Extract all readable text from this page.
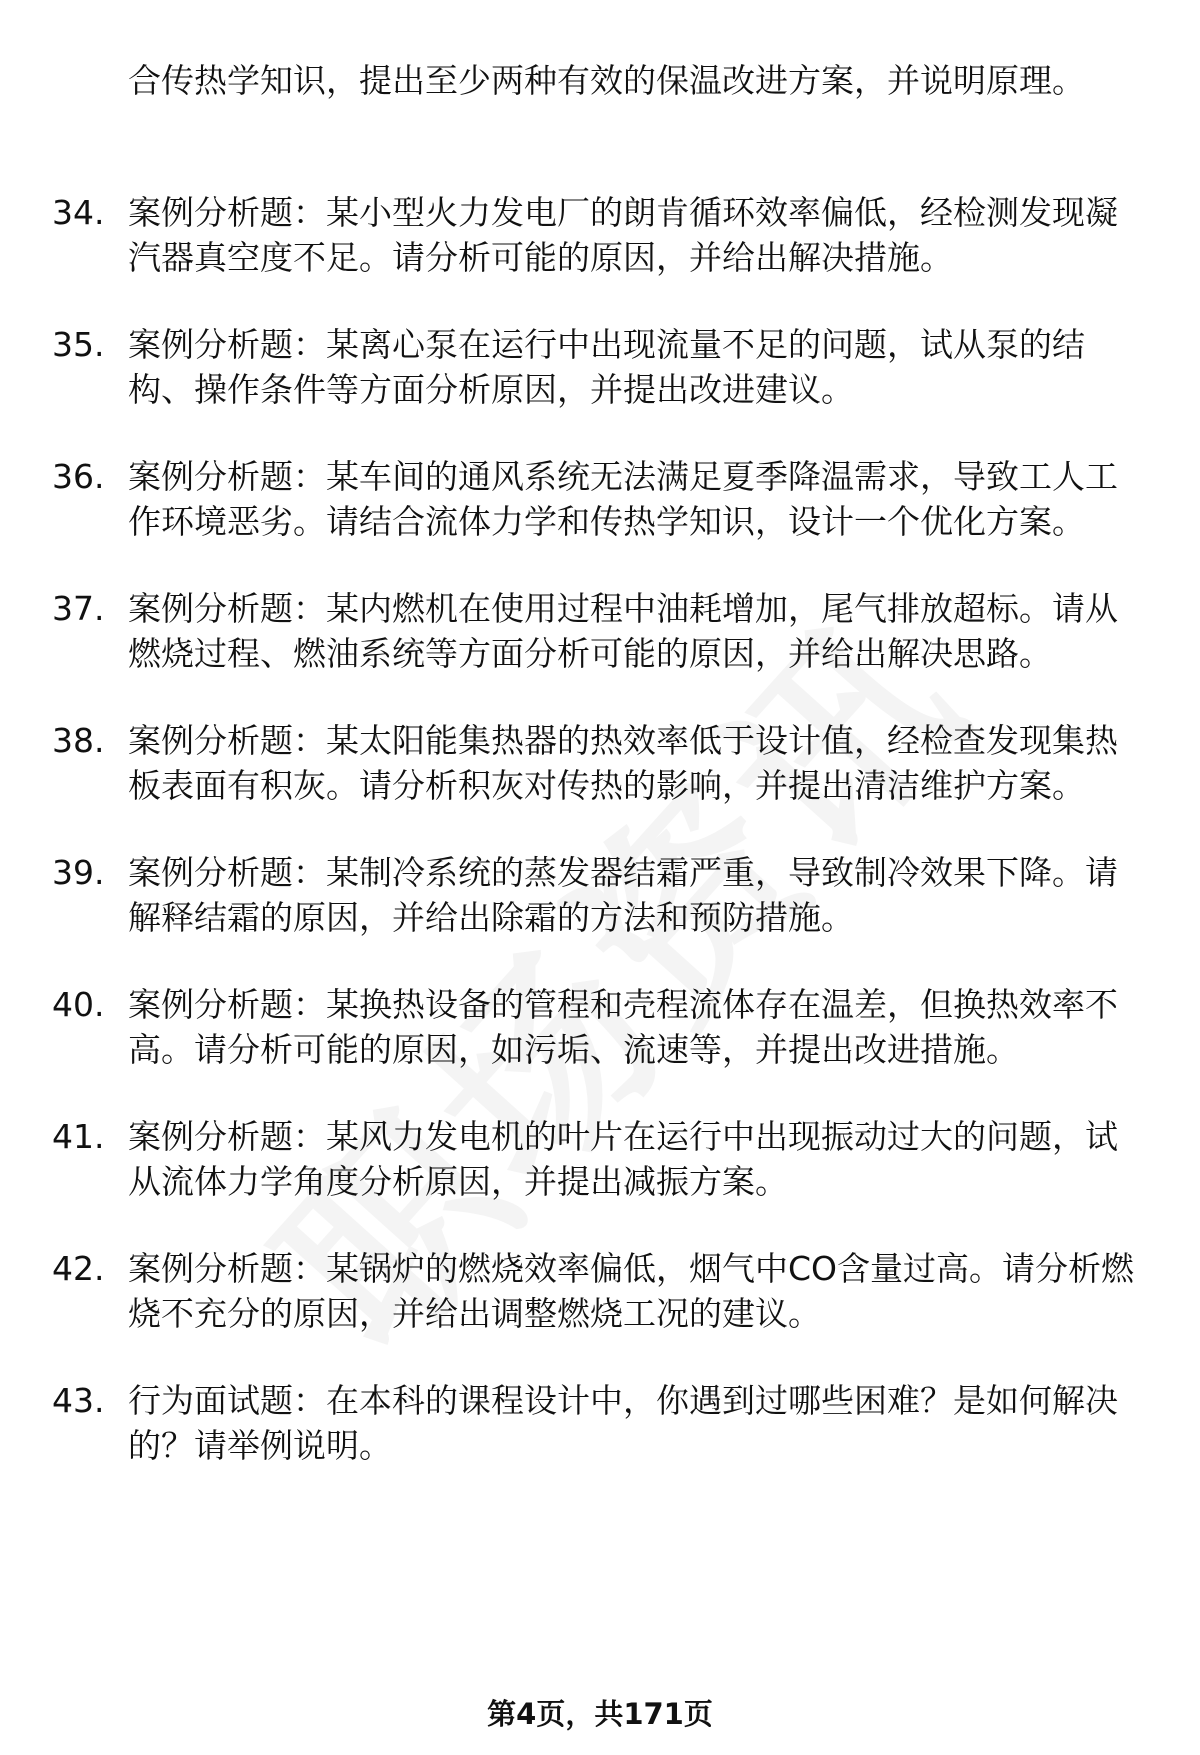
合传热学知识，提出至少两种有效的保温改进方案，并说明原理。

34. 案例分析题：某小型火力发电厂的朗肯循环效率偏低，经检测发现凝汽器真空度不足。请分析可能的原因，并给出解决措施。
35. 案例分析题：某离心泵在运行中出现流量不足的问题，试从泵的结构、操作条件等方面分析原因，并提出改进建议。
36. 案例分析题：某车间的通风系统无法满足夏季降温需求，导致工人工作环境恶劣。请结合流体力学和传热学知识，设计一个优化方案。
37. 案例分析题：某内燃机在使用过程中油耗增加，尾气排放超标。请从燃烧过程、燃油系统等方面分析可能的原因，并给出解决思路。
38. 案例分析题：某太阳能集热器的热效率低于设计值，经检查发现集热板表面有积灰。请分析积灰对传热的影响，并提出清洁维护方案。
39. 案例分析题：某制冷系统的蒸发器结霜严重，导致制冷效果下降。请解释结霜的原因，并给出除霜的方法和预防措施。
40. 案例分析题：某换热设备的管程和壳程流体存在温差，但换热效率不高。请分析可能的原因，如污垢、流速等，并提出改进措施。
41. 案例分析题：某风力发电机的叶片在运行中出现振动过大的问题，试从流体力学角度分析原因，并提出减振方案。
42. 案例分析题：某锅炉的燃烧效率偏低，烟气中CO含量过高。请分析燃烧不充分的原因，并给出调整燃烧工况的建议。
43. 行为面试题：在本科的课程设计中，你遇到过哪些困难？是如何解决的？请举例说明。
第4页，共171页
